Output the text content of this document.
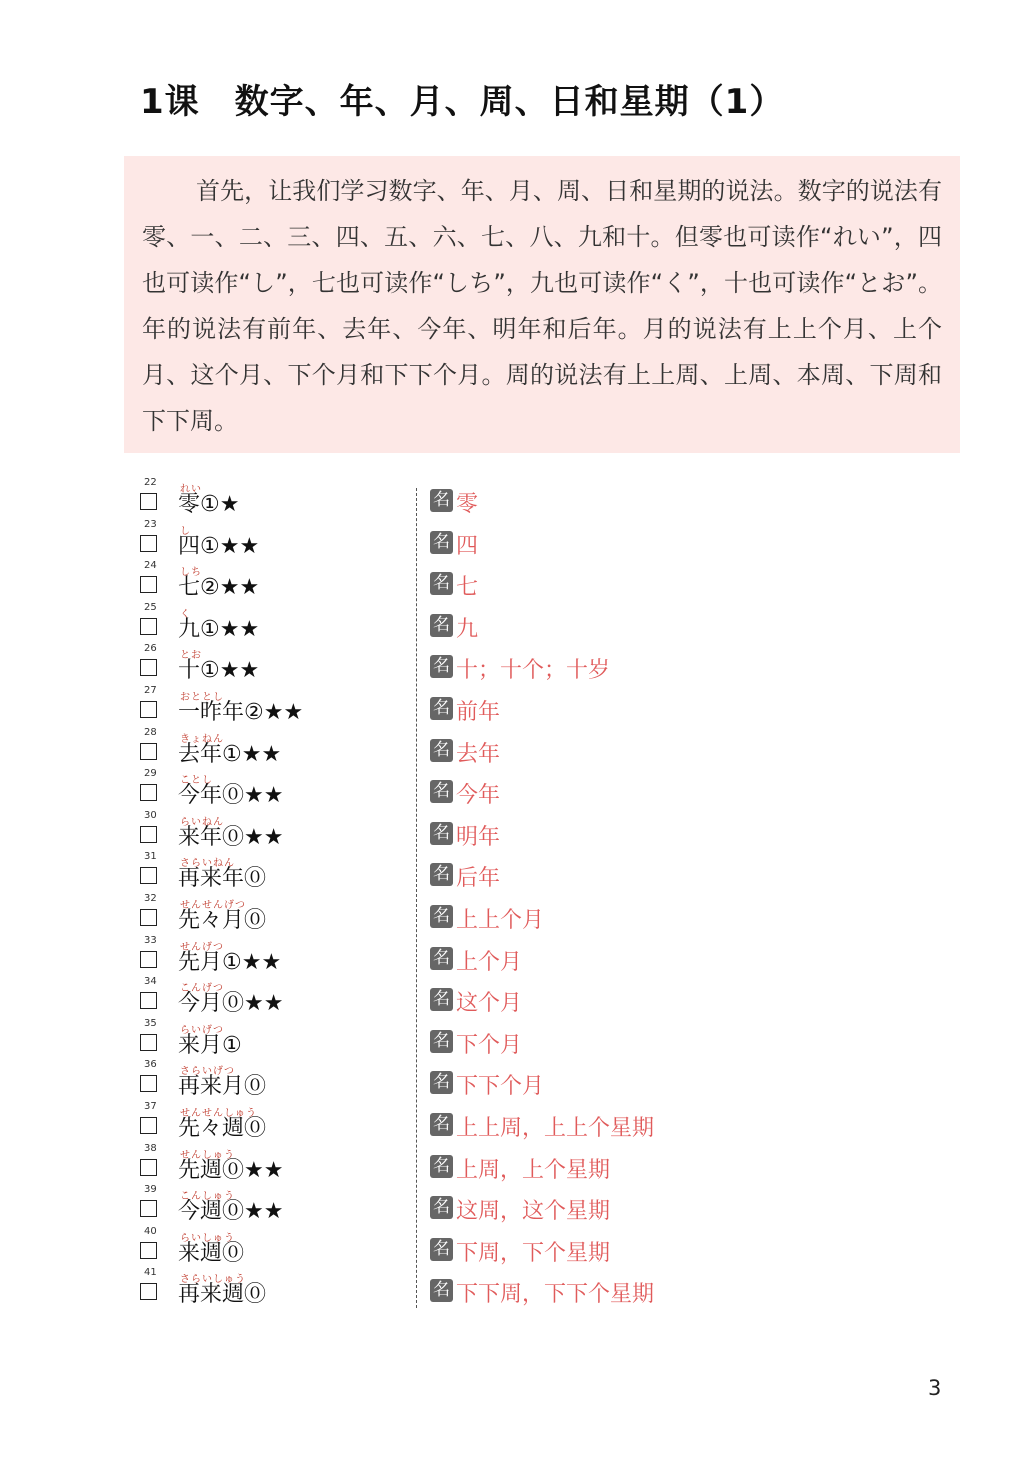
1课　数字、年、月、周、日和星期（1）

首先，让我们学习数字、年、月、周、日和星期的说法。数字的说法有零、一、二、三、四、五、六、七、八、九和十。但零也可读作“れい”，四也可读作“し”，七也可读作“しち”，九也可读作“く”，十也可读作“とお”。年的说法有前年、去年、今年、明年和后年。月的说法有上上个月、上个月、这个月、下个月和下下个月。周的说法有上上周、上周、本周、下周和下下周。

22
れい
零①★	名 零
23
し
四①★★	名 四
24
しち
七②★★	名 七
25
く
九①★★	名 九
26
とお
十①★★	名 十；十个；十岁
27
おととし
一昨年②★★	名 前年
28
きょねん
去年①★★	名 去年
29
ことし
今年⓪★★	名 今年
30
らいねん
来年⓪★★	名 明年
31
さらいねん
再来年⓪	名 后年
32
せんせんげつ
先々月⓪	名 上上个月
33
せんげつ
先月①★★	名 上个月
34
こんげつ
今月⓪★★	名 这个月
35
らいげつ
来月①	名 下个月
36
さらいげつ
再来月⓪	名 下下个月
37
せんせんしゅう
先々週⓪	名 上上周，上上个星期
38
せんしゅう
先週⓪★★	名 上周，上个星期
39
こんしゅう
今週⓪★★	名 这周，这个星期
40
らいしゅう
来週⓪	名 下周，下个星期
41
さらいしゅう
再来週⓪	名 下下周，下下个星期
3
